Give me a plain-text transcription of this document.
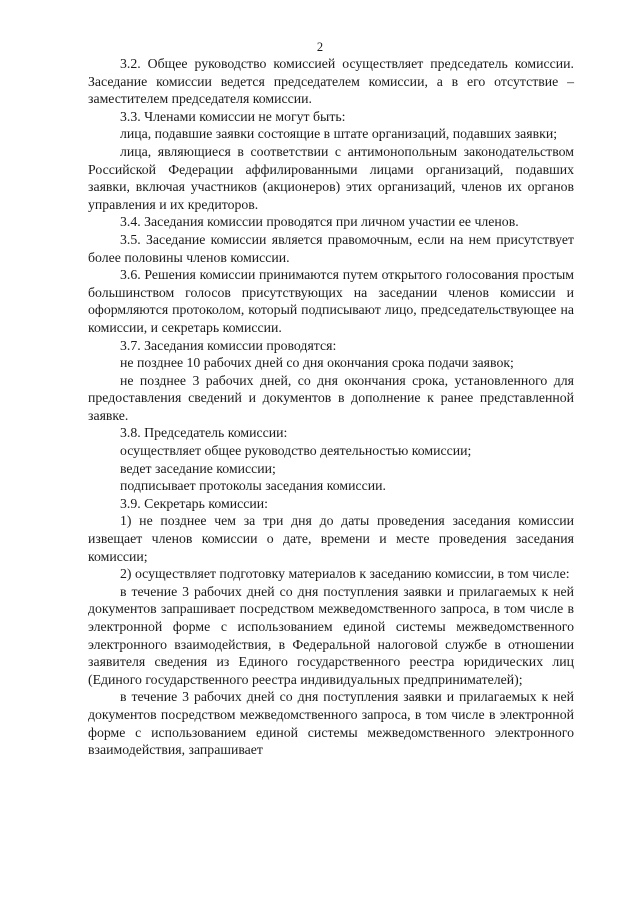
2

3.2. Общее руководство комиссией осуществляет председатель комиссии. Заседание комиссии ведется председателем комиссии, а в его отсутствие – заместителем председателя комиссии.

3.3. Членами комиссии не могут быть:

лица, подавшие заявки состоящие в штате организаций, подавших заявки;

лица, являющиеся в соответствии с антимонопольным законодательством Российской Федерации аффилированными лицами организаций, подавших заявки, включая участников (акционеров) этих организаций, членов их органов управления и их кредиторов.

3.4. Заседания комиссии проводятся при личном участии ее членов.

3.5. Заседание комиссии является правомочным, если на нем присутствует более половины членов комиссии.

3.6. Решения комиссии принимаются путем открытого голосования простым большинством голосов присутствующих на заседании членов комиссии и оформляются протоколом, который подписывают лицо, председательствующее на комиссии, и секретарь комиссии.

3.7. Заседания комиссии проводятся:

не позднее 10 рабочих дней со дня окончания срока подачи заявок;

не позднее 3 рабочих дней, со дня окончания срока, установленного для предоставления сведений и документов в дополнение к ранее представленной заявке.

3.8. Председатель комиссии:

осуществляет общее руководство деятельностью комиссии;

ведет заседание комиссии;

подписывает протоколы заседания комиссии.

3.9. Секретарь комиссии:

1) не позднее чем за три дня до даты проведения заседания комиссии извещает членов комиссии о дате, времени и месте проведения заседания комиссии;

2) осуществляет подготовку материалов к заседанию комиссии, в том числе:

в течение 3 рабочих дней со дня поступления заявки и прилагаемых к ней документов запрашивает посредством межведомственного запроса, в том числе в электронной форме с использованием единой системы межведомственного электронного взаимодействия, в Федеральной налоговой службе в отношении заявителя сведения из Единого государственного реестра юридических лиц (Единого государственного реестра индивидуальных предпринимателей);

в течение 3 рабочих дней со дня поступления заявки и прилагаемых к ней документов посредством межведомственного запроса, в том числе в электронной форме с использованием единой системы межведомственного электронного взаимодействия, запрашивает
